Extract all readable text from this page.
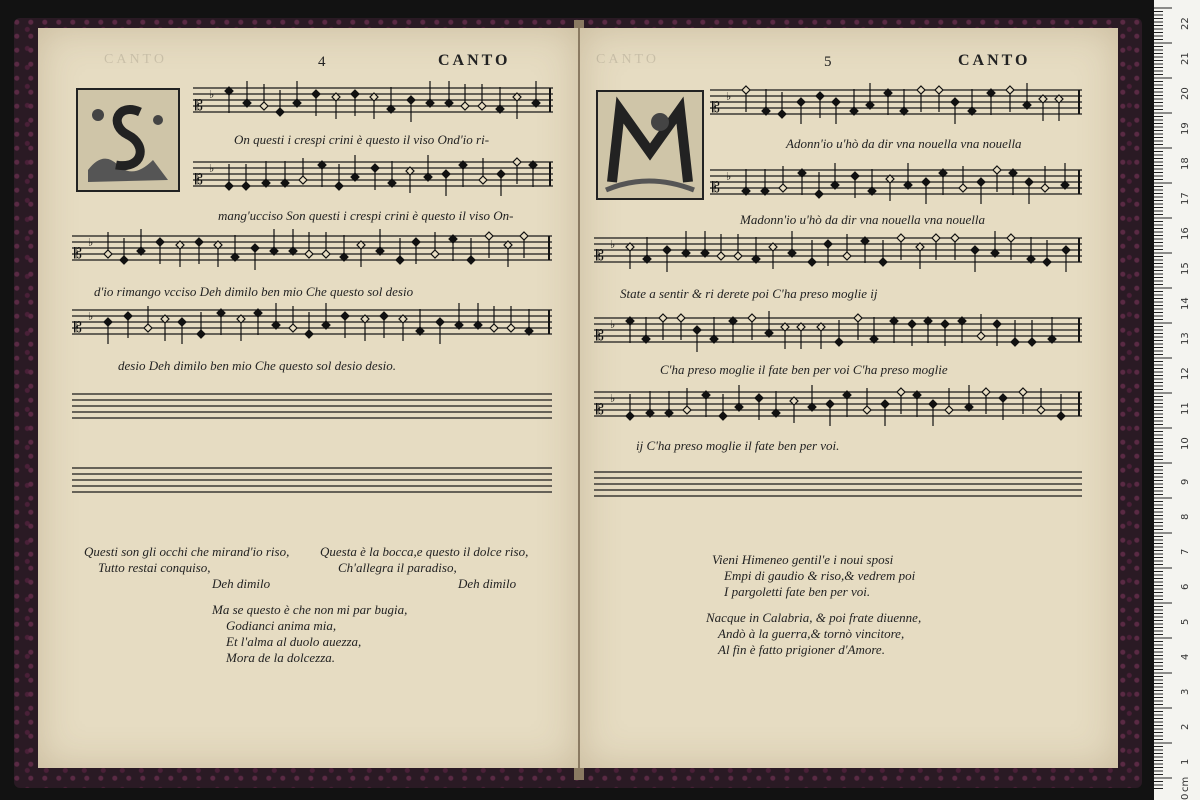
CANTO	4	CANTO
𝄡
♭
On questi i crespi crini è questo il viso Ond'io ri-
𝄡
♭
mang'ucciso Son questi i crespi crini è questo il viso On-
𝄡
♭
d'io rimango vcciso Deh dimilo ben mio Che questo sol desio
𝄡
♭
desio Deh dimilo ben mio Che questo sol desio desio.
Questi son gli occhi che mirand'io riso,
Tutto restai conquiso,
Deh dimilo
Questa è la bocca,e questo il dolce riso,
Ch'allegra il paradiso,
Deh dimilo
Ma se questo è che non mi par bugia,
Godianci anima mia,
Et l'alma al duolo auezza,
Mora de la dolcezza.
CANTO	5	CANTO
𝄡
♭
Adonn'io u'hò da dir vna nouella vna nouella
𝄡
♭
Madonn'io u'hò da dir vna nouella vna nouella
𝄡
♭
State a sentir & ri derete poi C'ha preso moglie ij
𝄡
♭
C'ha preso moglie il fate ben per voi C'ha preso moglie
𝄡
♭
ij C'ha preso moglie il fate ben per voi.
Vieni Himeneo gentil'e i noui sposi
Empi di gaudio & riso,& vedrem poi
I pargoletti fate ben per voi.
Nacque in Calabria, & poi frate diuenne,
Andò à la guerra,& tornò vincitore,
Al fin è fatto prigioner d'Amore.
22
21
20
19
18
17
16
15
14
13
12
11
10
9
8
7
6
5
4
3
2
1
0
cm
